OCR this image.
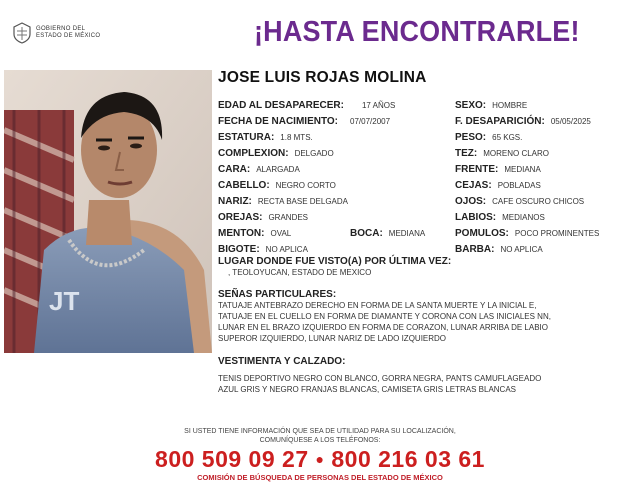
GOBIERNO DEL
ESTADO DE MÉXICO	¡HASTA ENCONTRARLE!
JT
JOSE LUIS ROJAS MOLINA
EDAD AL DESAPARECER: 17 AÑOS
FECHA DE NACIMIENTO: 07/07/2007
ESTATURA: 1.8 MTS.
COMPLEXION: DELGADO
CARA: ALARGADA
CABELLO: NEGRO CORTO
NARIZ: RECTA BASE DELGADA
OREJAS: GRANDES
MENTON: OVAL	BOCA: MEDIANA
BIGOTE: NO APLICA
SEXO: HOMBRE
F. DESAPARICIÓN: 05/05/2025
PESO: 65 KGS.
TEZ: MORENO CLARO
FRENTE: MEDIANA
CEJAS: POBLADAS
OJOS: CAFE OSCURO CHICOS
LABIOS: MEDIANOS
POMULOS: POCO PROMINENTES
BARBA: NO APLICA
LUGAR DONDE FUE VISTO(A) POR ÚLTIMA VEZ:
, TEOLOYUCAN, ESTADO DE MEXICO
SEÑAS PARTICULARES:
TATUAJE ANTEBRAZO DERECHO EN FORMA DE LA SANTA MUERTE Y LA INICIAL E,
TATUAJE EN EL CUELLO EN FORMA DE DIAMANTE Y CORONA CON LAS INICIALES NN,
LUNAR EN EL BRAZO IZQUIERDO EN FORMA DE CORAZON, LUNAR ARRIBA DE LABIO
SUPEROR IZQUIERDO, LUNAR NARIZ DE LADO IZQUIERDO
VESTIMENTA Y CALZADO:
TENIS DEPORTIVO NEGRO CON BLANCO, GORRA NEGRA, PANTS CAMUFLAGEADO
AZUL GRIS Y NEGRO FRANJAS BLANCAS, CAMISETA GRIS LETRAS BLANCAS
SI USTED TIENE INFORMACIÓN QUE SEA DE UTILIDAD PARA SU LOCALIZACIÓN,
COMUNÍQUESE A LOS TELÉFONOS:
800 509 09 27 ● 800 216 03 61
COMISIÓN DE BÚSQUEDA DE PERSONAS DEL ESTADO DE MÉXICO
